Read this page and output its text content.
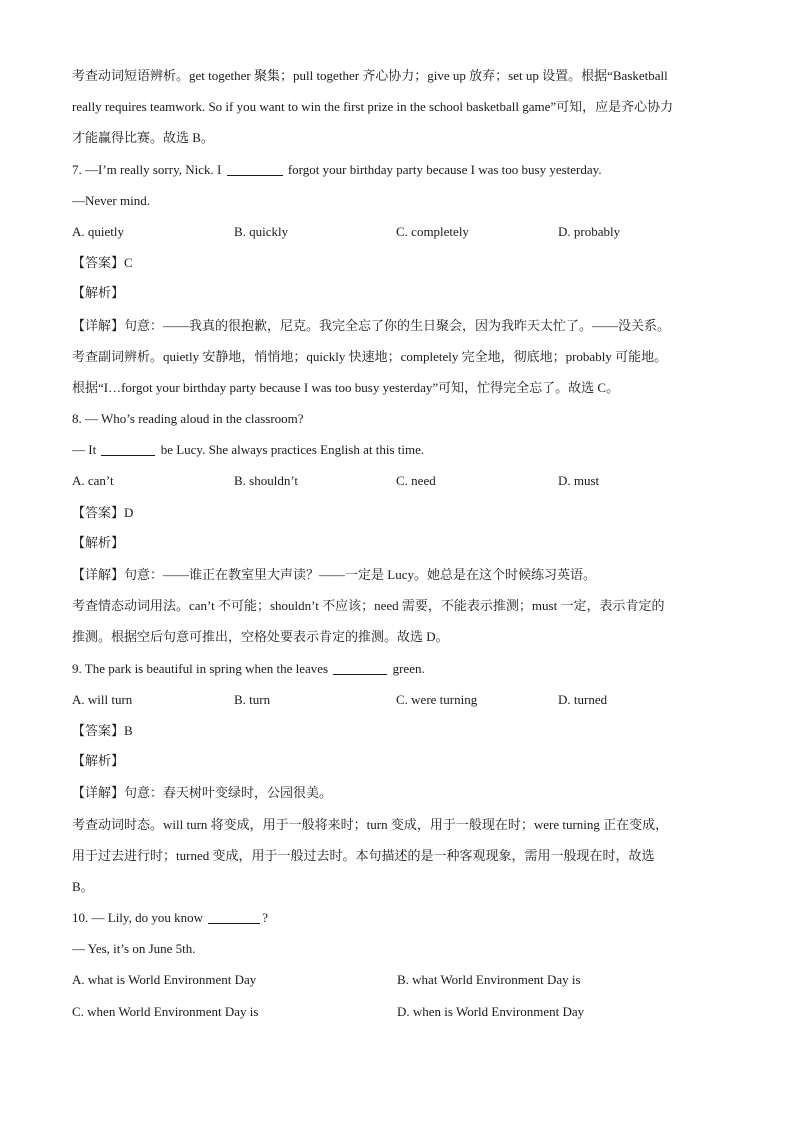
考查动词短语辨析。get together 聚集；pull together 齐心协力；give up 放弃；set up 设置。根据“Basketball
really requires teamwork. So if you want to win the first prize in the school basketball game”可知，应是齐心协力
才能赢得比赛。故选 B。
7. —I’m really sorry, Nick. I	forgot your birthday party because I was too busy yesterday.
—Never mind.
A. quietly	B. quickly	C. completely	D. probably
【答案】C
【解析】
【详解】句意：——我真的很抱歉，尼克。我完全忘了你的生日聚会，因为我昨天太忙了。——没关系。
考查副词辨析。quietly 安静地，悄悄地；quickly 快速地；completely 完全地，彻底地；probably 可能地。
根据“I…forgot your birthday party because I was too busy yesterday”可知，忙得完全忘了。故选 C。
8. — Who’s reading aloud in the classroom?
— It	be Lucy. She always practices English at this time.
A. can’t	B. shouldn’t	C. need	D. must
【答案】D
【解析】
【详解】句意：——谁正在教室里大声读？——一定是 Lucy。她总是在这个时候练习英语。
考查情态动词用法。can’t 不可能；shouldn’t 不应该；need 需要，不能表示推测；must 一定，表示肯定的
推测。根据空后句意可推出，空格处要表示肯定的推测。故选 D。
9. The park is beautiful in spring when the leaves	green.
A. will turn	B. turn	C. were turning	D. turned
【答案】B
【解析】
【详解】句意：春天树叶变绿时，公园很美。
考查动词时态。will turn 将变成，用于一般将来时；turn 变成，用于一般现在时；were turning 正在变成，
用于过去进行时；turned 变成，用于一般过去时。本句描述的是一种客观现象，需用一般现在时，故选
B。
10. — Lily, do you know	?
— Yes, it’s on June 5th.
A. what is World Environment Day	B. what World Environment Day is
C. when World Environment Day is	D. when is World Environment Day
